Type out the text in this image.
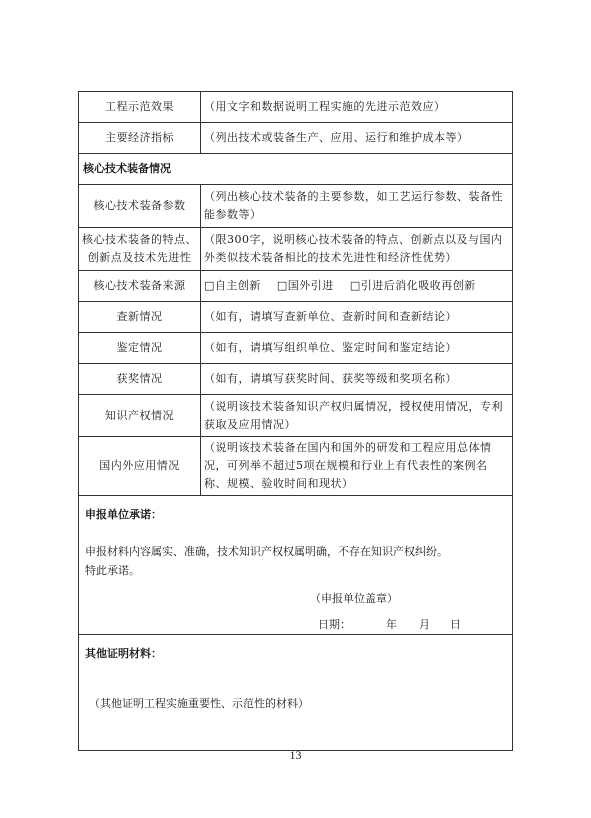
工程示范效果	（用文字和数据说明工程实施的先进示范效应）
主要经济指标	（列出技术或装备生产、应用、运行和维护成本等）
核心技术装备情况	
核心技术装备参数	（列出核心技术装备的主要参数，如工艺运行参数、装备性能参数等）
核心技术装备的特点、创新点及技术先进性	（限300字，说明核心技术装备的特点、创新点以及与国内外类似技术装备相比的技术先进性和经济性优势）
核心技术装备来源	□自主创新 □国外引进 □引进后消化吸收再创新
查新情况	（如有，请填写查新单位、查新时间和查新结论）
鉴定情况	（如有，请填写组织单位、鉴定时间和鉴定结论）
获奖情况	（如有，请填写获奖时间、获奖等级和奖项名称）
知识产权情况	（说明该技术装备知识产权归属情况，授权使用情况，专利获取及应用情况）
国内外应用情况	（说明该技术装备在国内和国外的研发和工程应用总体情况，可列举不超过5项在规模和行业上有代表性的案例名称、规模、验收时间和现状）

申报单位承诺：
申报材料内容属实、准确，技术知识产权权属明确，不存在知识产权纠纷。
特此承诺。
（申报单位盖章）
日期： 年 月 日	

其他证明材料：
（其他证明工程实施重要性、示范性的材料）	
13
